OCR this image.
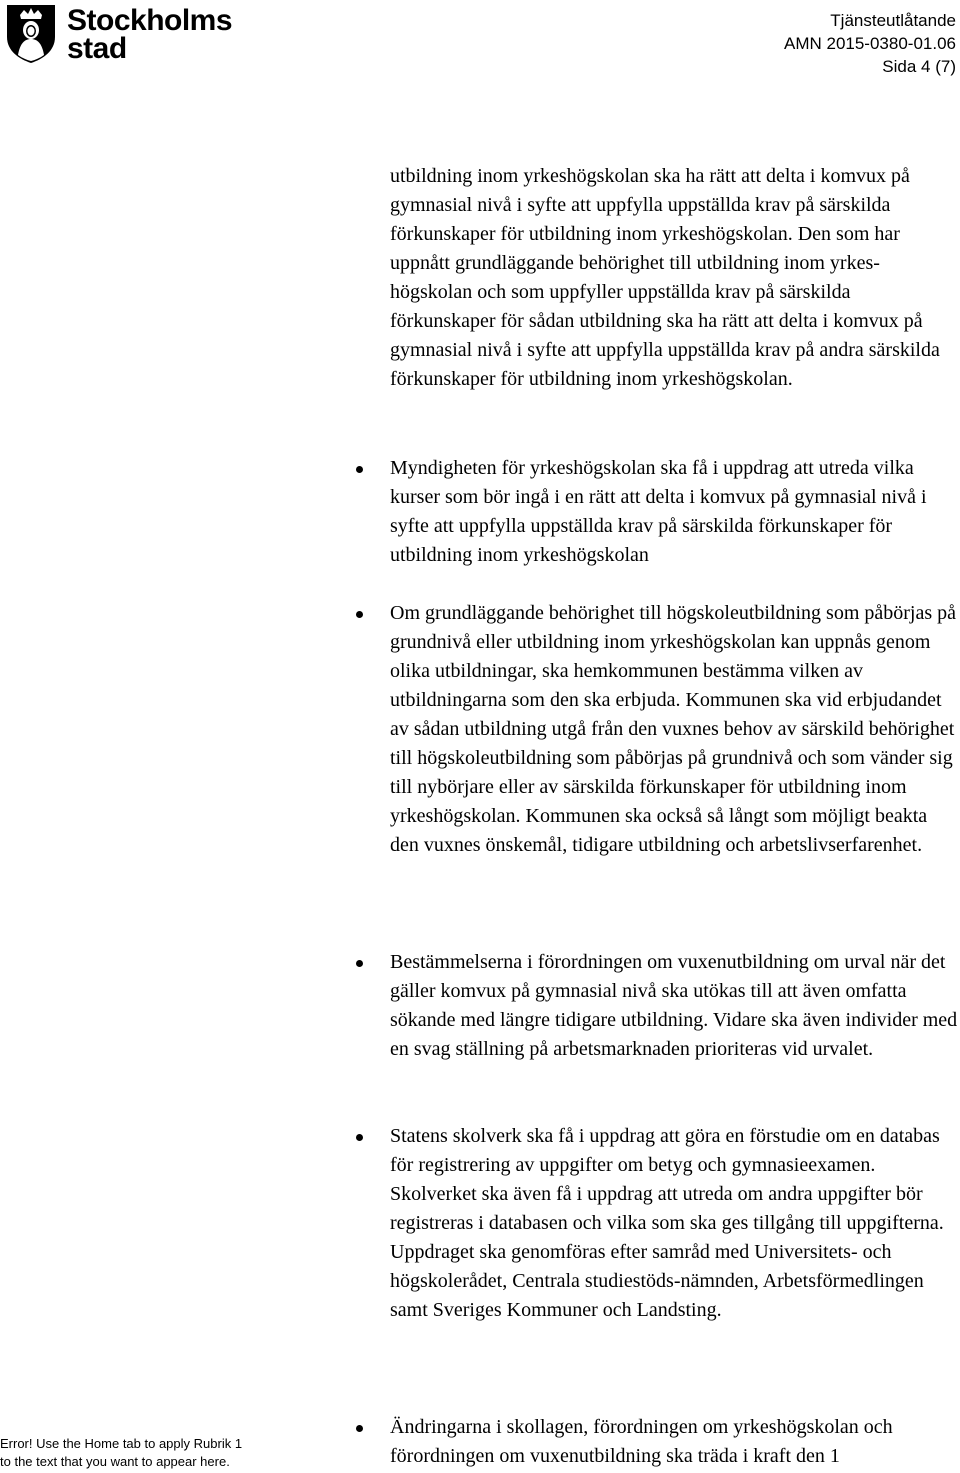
Stockholms
stad
Tjänsteutlåtande
AMN 2015-0380-01.06
Sida 4 (7)

utbildning inom yrkeshögskolan ska ha rätt att delta i komvux på gymnasial nivå i syfte att uppfylla uppställda krav på särskilda förkunskaper för utbildning inom yrkeshögskolan. Den som har uppnått grundläggande behörighet till utbildning inom yrkes-högskolan och som uppfyller uppställda krav på särskilda förkunskaper för sådan utbildning ska ha rätt att delta i komvux på gymnasial nivå i syfte att uppfylla uppställda krav på andra särskilda förkunskaper för utbildning inom yrkeshögskolan.

Myndigheten för yrkeshögskolan ska få i uppdrag att utreda vilka kurser som bör ingå i en rätt att delta i komvux på gymnasial nivå i syfte att uppfylla uppställda krav på särskilda förkunskaper för utbildning inom yrkeshögskolan

Om grundläggande behörighet till högskoleutbildning som påbörjas på grundnivå eller utbildning inom yrkeshögskolan kan uppnås genom olika utbildningar, ska hemkommunen bestämma vilken av utbildningarna som den ska erbjuda. Kommunen ska vid erbjudandet av sådan utbildning utgå från den vuxnes behov av särskild behörighet till högskoleutbildning som påbörjas på grundnivå och som vänder sig till nybörjare eller av särskilda förkunskaper för utbildning inom yrkeshögskolan. Kommunen ska också så långt som möjligt beakta den vuxnes önskemål, tidigare utbildning och arbetslivserfarenhet.

Bestämmelserna i förordningen om vuxenutbildning om urval när det gäller komvux på gymnasial nivå ska utökas till att även omfatta sökande med längre tidigare utbildning. Vidare ska även individer med en svag ställning på arbetsmarknaden prioriteras vid urvalet.

Statens skolverk ska få i uppdrag att göra en förstudie om en databas för registrering av uppgifter om betyg och gymnasieexamen. Skolverket ska även få i uppdrag att utreda om andra uppgifter bör registreras i databasen och vilka som ska ges tillgång till uppgifterna. Uppdraget ska genomföras efter samråd med Universitets- och högskolerådet, Centrala studiestöds-nämnden, Arbetsförmedlingen samt Sveriges Kommuner och Landsting.

Ändringarna i skollagen, förordningen om yrkeshögskolan och förordningen om vuxenutbildning ska träda i kraft den 1

Error! Use the Home tab to apply Rubrik 1
to the text that you want to appear here.
